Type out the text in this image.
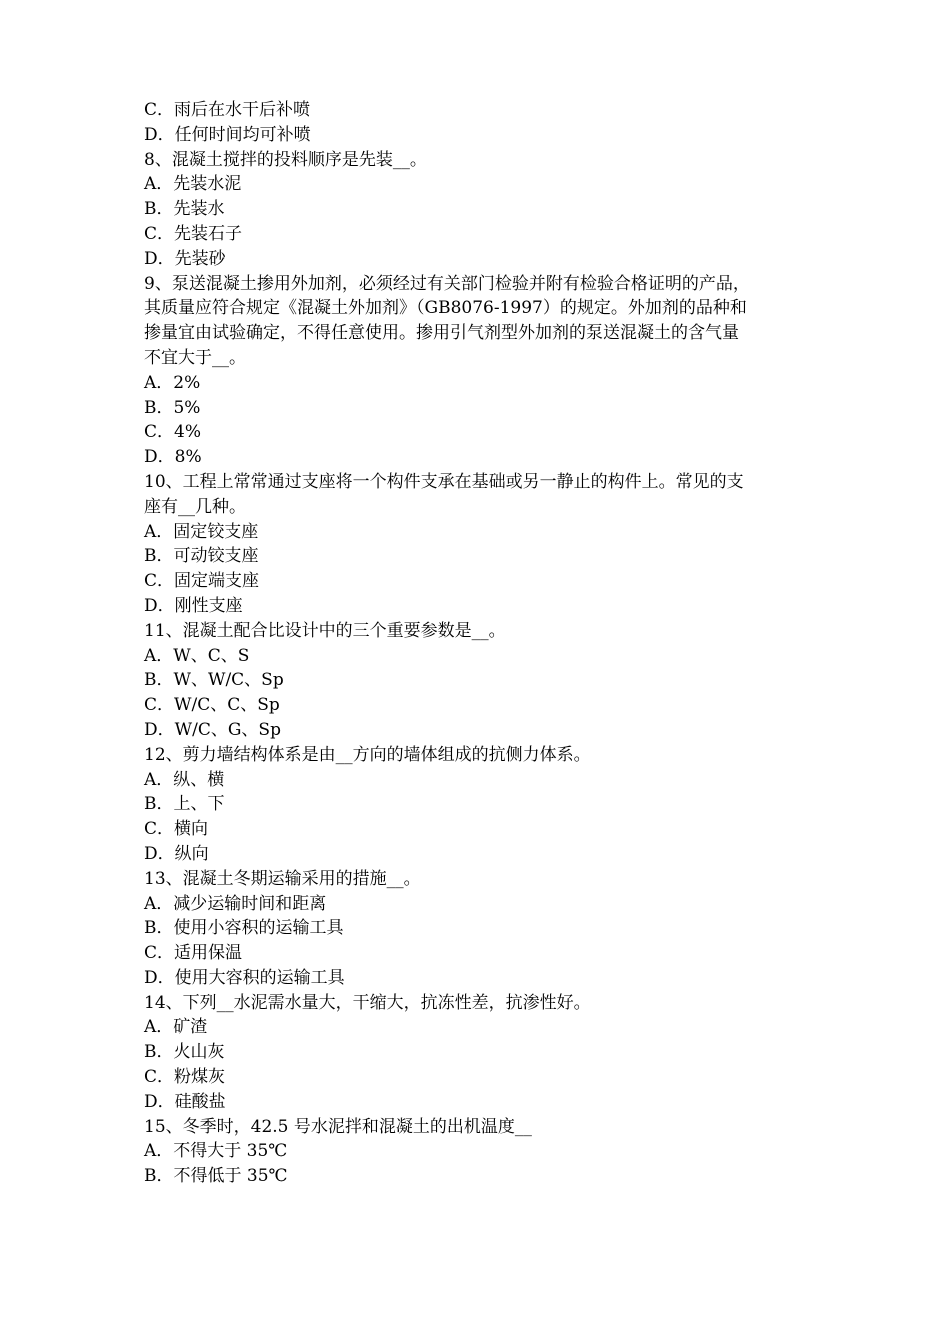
C．雨后在水干后补喷

D．任何时间均可补喷

8、混凝土搅拌的投料顺序是先装__。

A．先装水泥

B．先装水

C．先装石子

D．先装砂

9、泵送混凝土掺用外加剂，必须经过有关部门检验并附有检验合格证明的产品，

其质量应符合规定《混凝土外加剂》（GB8076-1997）的规定。外加剂的品种和

掺量宜由试验确定，不得任意使用。掺用引气剂型外加剂的泵送混凝土的含气量

不宜大于__。

A．2%

B．5%

C．4%

D．8%

10、工程上常常通过支座将一个构件支承在基础或另一静止的构件上。常见的支

座有__几种。

A．固定铰支座

B．可动铰支座

C．固定端支座

D．刚性支座

11、混凝土配合比设计中的三个重要参数是__。

A．W、C、S

B．W、W/C、Sp

C．W/C、C、Sp

D．W/C、G、Sp

12、剪力墙结构体系是由__方向的墙体组成的抗侧力体系。

A．纵、横

B．上、下

C．横向

D．纵向

13、混凝土冬期运输采用的措施__。

A．减少运输时间和距离

B．使用小容积的运输工具

C．适用保温

D．使用大容积的运输工具

14、下列__水泥需水量大，干缩大，抗冻性差，抗渗性好。

A．矿渣

B．火山灰

C．粉煤灰

D．硅酸盐

15、冬季时，42.5 号水泥拌和混凝土的出机温度__

A．不得大于 35℃

B．不得低于 35℃
